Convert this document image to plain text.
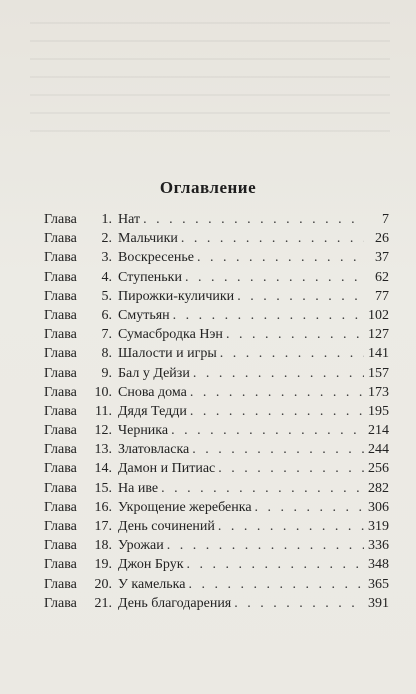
Оглавление
Глава	1. Нат . . .	7
Глава	2. Мальчики . . .	26
Глава	3. Воскресенье . . .	37
Глава	4. Ступеньки . . .	62
Глава	5. Пирожки-куличики . . .	77
Глава	6. Смутьян . . .	102
Глава	7. Сумасбродка Нэн . . .	127
Глава	8. Шалости и игры . . .	141
Глава	9. Бал у Дейзи . . .	157
Глава	10. Снова дома . . .	173
Глава	11. Дядя Тедди . . .	195
Глава	12. Черника . . .	214
Глава	13. Златовласка . . .	244
Глава	14. Дамон и Питиас . . .	256
Глава	15. На иве . . .	282
Глава	16. Укрощение жеребенка . . .	306
Глава	17. День сочинений . . .	319
Глава	18. Урожаи . . .	336
Глава	19. Джон Брук . . .	348
Глава	20. У камелька . . .	365
Глава	21. День благодарения . . .	391
